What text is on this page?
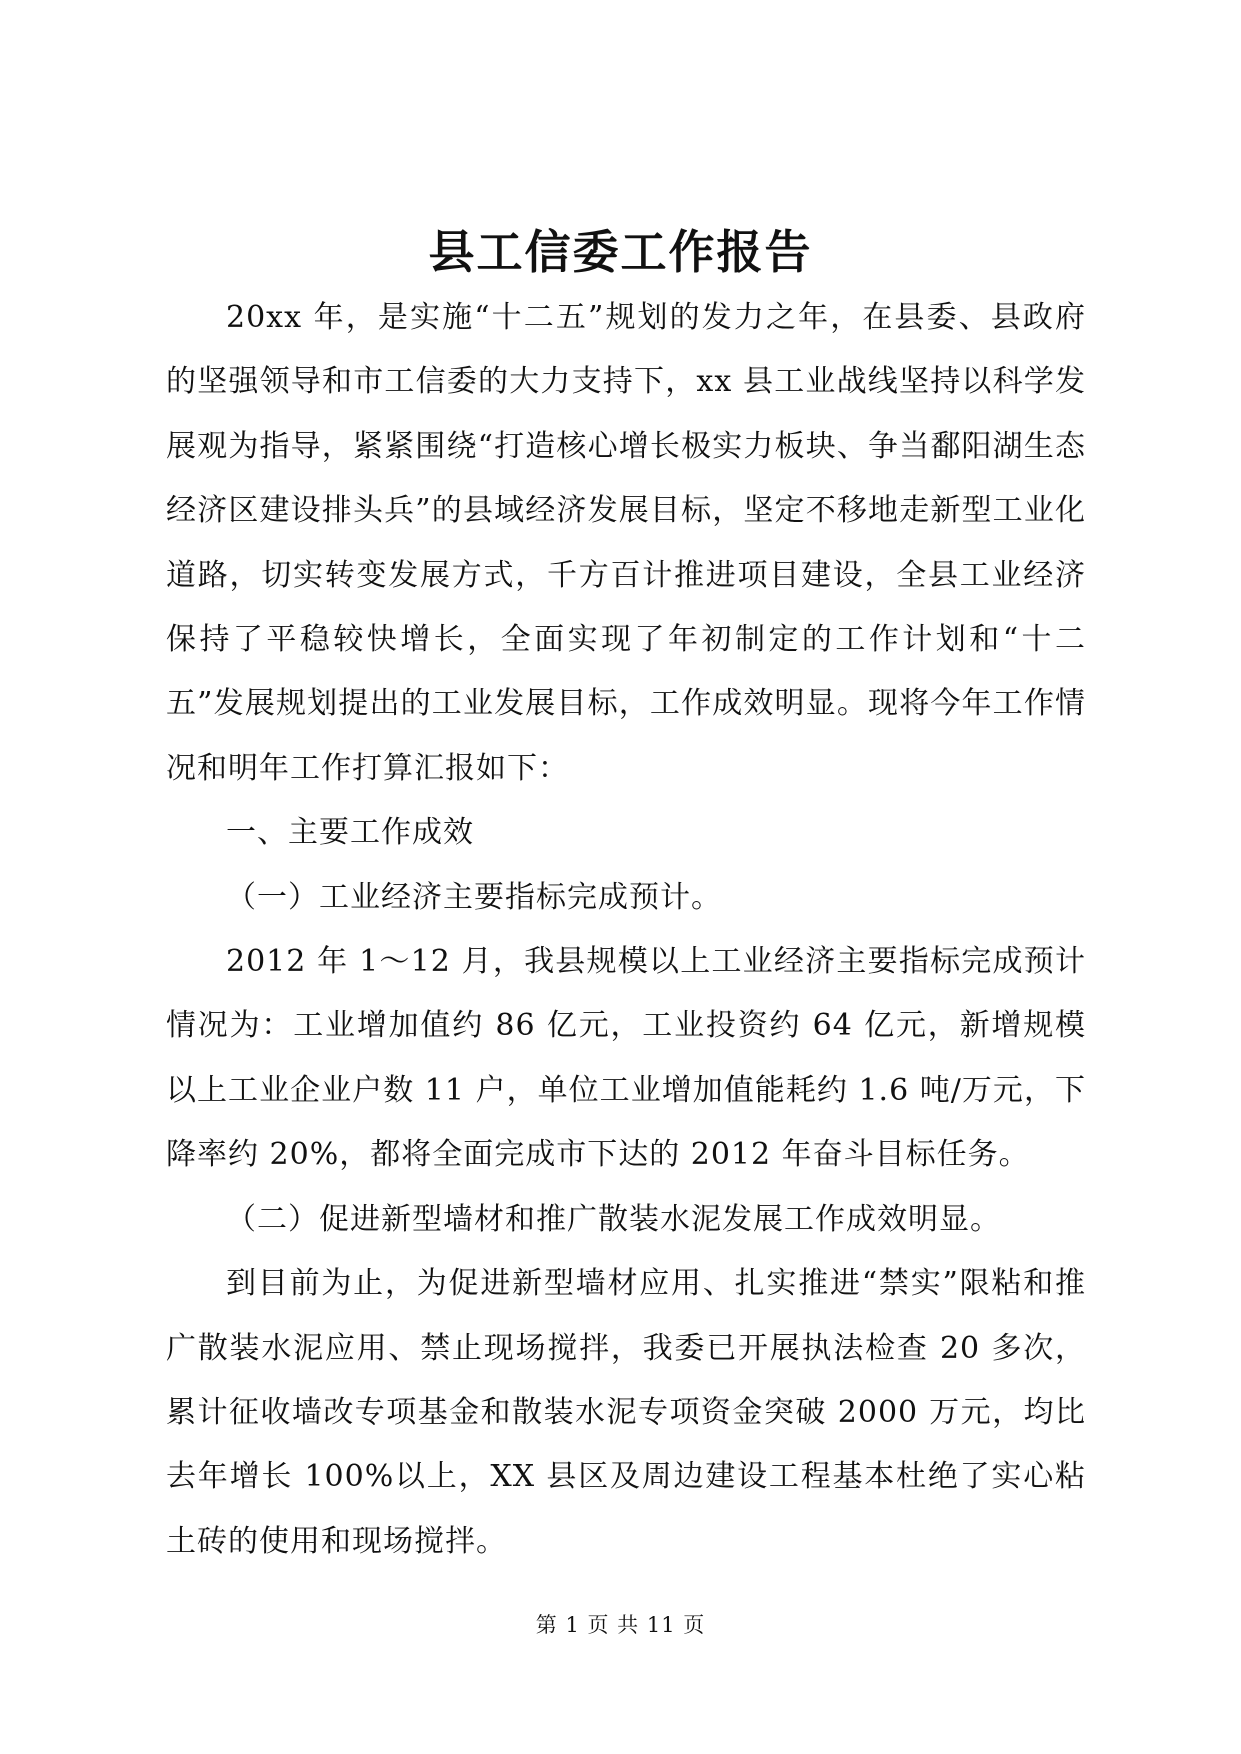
县工信委工作报告

20xx 年，是实施“十二五”规划的发力之年，在县委、县政府的坚强领导和市工信委的大力支持下，xx 县工业战线坚持以科学发展观为指导，紧紧围绕“打造核心增长极实力板块、争当鄱阳湖生态经济区建设排头兵”的县域经济发展目标，坚定不移地走新型工业化道路，切实转变发展方式，千方百计推进项目建设，全县工业经济保持了平稳较快增长，全面实现了年初制定的工作计划和“十二五”发展规划提出的工业发展目标，工作成效明显。现将今年工作情况和明年工作打算汇报如下：

一、主要工作成效

（一）工业经济主要指标完成预计。

2012 年 1～12 月，我县规模以上工业经济主要指标完成预计情况为：工业增加值约 86 亿元，工业投资约 64 亿元，新增规模以上工业企业户数 11 户，单位工业增加值能耗约 1.6 吨/万元，下降率约 20%，都将全面完成市下达的 2012 年奋斗目标任务。

（二）促进新型墙材和推广散装水泥发展工作成效明显。

到目前为止，为促进新型墙材应用、扎实推进“禁实”限粘和推广散装水泥应用、禁止现场搅拌，我委已开展执法检查 20 多次，累计征收墙改专项基金和散装水泥专项资金突破 2000 万元，均比去年增长 100%以上，XX 县区及周边建设工程基本杜绝了实心粘土砖的使用和现场搅拌。

第 1 页 共 11 页
